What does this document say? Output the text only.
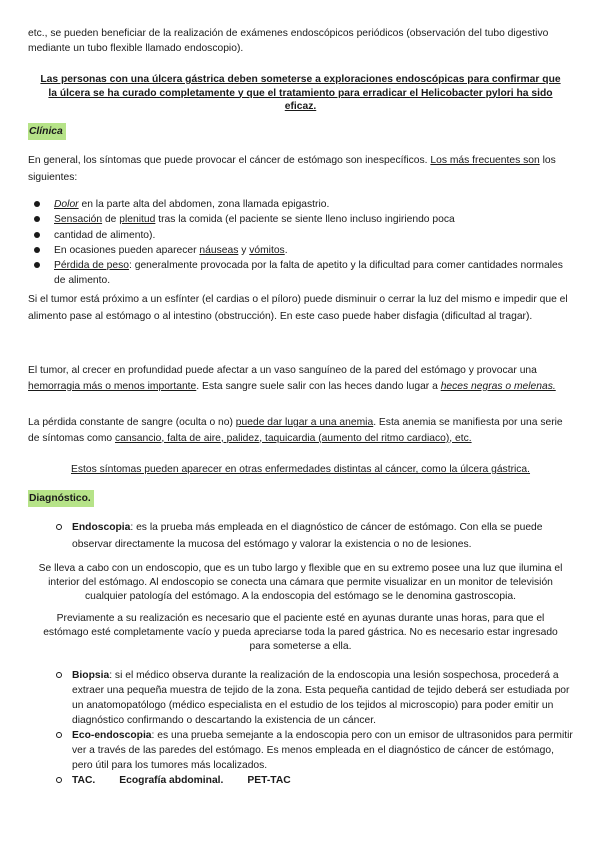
etc., se pueden beneficiar de la realización de exámenes endoscópicos periódicos (observación del tubo digestivo mediante un tubo flexible llamado endoscopio).

Las personas con una úlcera gástrica deben someterse a exploraciones endoscópicas para confirmar que la úlcera se ha curado completamente y que el tratamiento para erradicar el Helicobacter pylori ha sido eficaz.

Clínica

En general, los síntomas que puede provocar el cáncer de estómago son inespecíficos. Los más frecuentes son los siguientes:

Dolor en la parte alta del abdomen, zona llamada epigastrio.
Sensación de plenitud tras la comida (el paciente se siente lleno incluso ingiriendo poca
cantidad de alimento).
En ocasiones pueden aparecer náuseas y vómitos.
Pérdida de peso: generalmente provocada por la falta de apetito y la dificultad para comer cantidades normales de alimento.

Si el tumor está próximo a un esfínter (el cardias o el píloro) puede disminuir o cerrar la luz del mismo e impedir que el alimento pase al estómago o al intestino (obstrucción). En este caso puede haber disfagia (dificultad al tragar).

El tumor, al crecer en profundidad puede afectar a un vaso sanguíneo de la pared del estómago y provocar una hemorragia más o menos importante. Esta sangre suele salir con las heces dando lugar a heces negras o melenas.

La pérdida constante de sangre (oculta o no) puede dar lugar a una anemia. Esta anemia se manifiesta por una serie de síntomas como cansancio, falta de aire, palidez, taquicardia (aumento del ritmo cardiaco), etc.

Estos síntomas pueden aparecer en otras enfermedades distintas al cáncer, como la úlcera gástrica.

Diagnóstico.
Endoscopia: es la prueba más empleada en el diagnóstico de cáncer de estómago. Con ella se puede observar directamente la mucosa del estómago y valorar la existencia o no de lesiones.

Se lleva a cabo con un endoscopio, que es un tubo largo y flexible que en su extremo posee una luz que ilumina el interior del estómago. Al endoscopio se conecta una cámara que permite visualizar en un monitor de televisión cualquier patología del estómago. A la endoscopia del estómago se le denomina gastroscopia.

Previamente a su realización es necesario que el paciente esté en ayunas durante unas horas, para que el estómago esté completamente vacío y pueda apreciarse toda la pared gástrica. No es necesario estar ingresado para someterse a ella.

Biopsia: si el médico observa durante la realización de la endoscopia una lesión sospechosa, procederá a extraer una pequeña muestra de tejido de la zona. Esta pequeña cantidad de tejido deberá ser estudiada por un anatomopatólogo (médico especialista en el estudio de los tejidos al microscopio) para poder emitir un diagnóstico confirmando o descartando la existencia de un cáncer.
Eco-endoscopia: es una prueba semejante a la endoscopia pero con un emisor de ultrasonidos para permitir ver a través de las paredes del estómago. Es menos empleada en el diagnóstico de cáncer de estómago, pero útil para los tumores más localizados.
TAC. Ecografía abdominal. PET-TAC
